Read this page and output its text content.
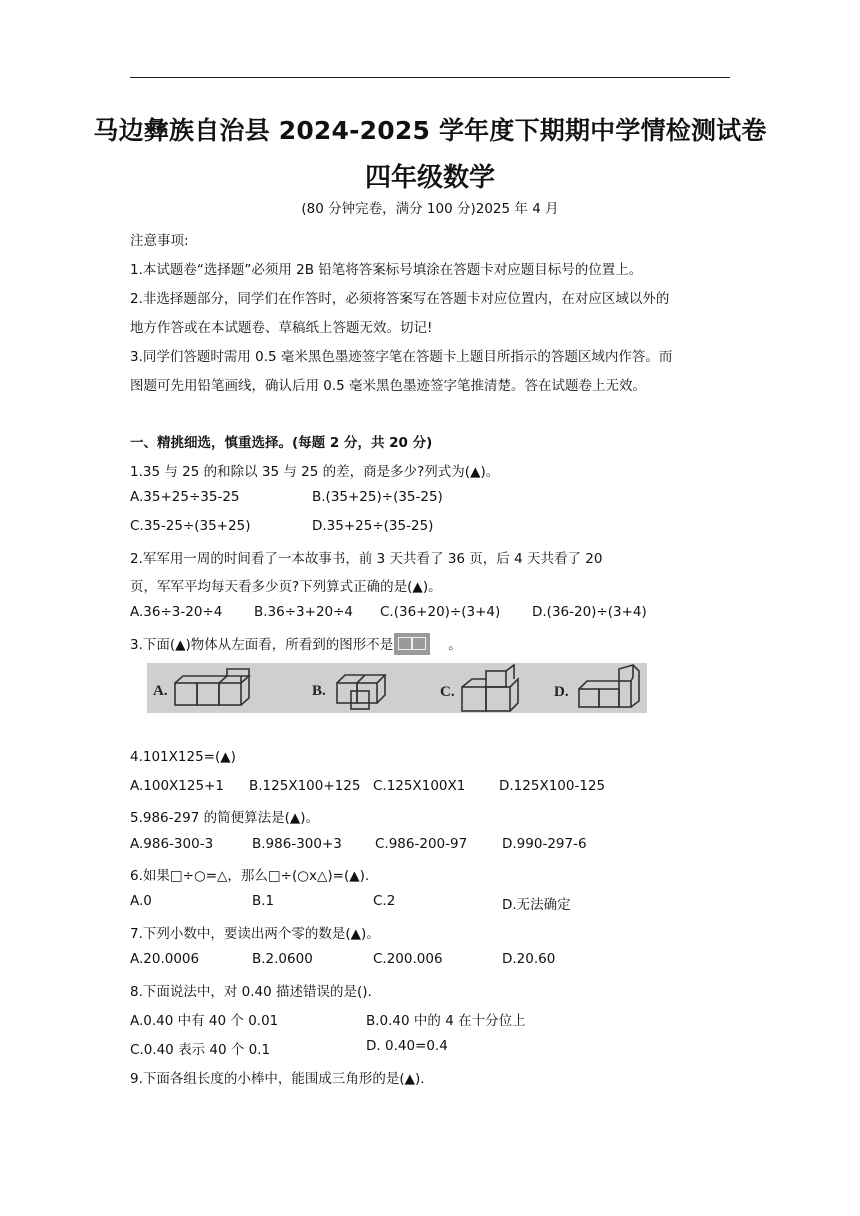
马边彝族自治县 2024-2025 学年度下期期中学情检测试卷
四年级数学
(80 分钟完卷，满分 100 分)2025 年 4 月
注意事项:
1.本试题卷“选择题”必须用 2B 铅笔将答案标号填涂在答题卡对应题目标号的位置上。
2.非选择题部分，同学们在作答时，必须将答案写在答题卡对应位置内，在对应区域以外的
地方作答或在本试题卷、草稿纸上答题无效。切记!
3.同学们答题时需用 0.5 毫米黑色墨迹签字笔在答题卡上题目所指示的答题区域内作答。而
图题可先用铅笔画线，确认后用 0.5 毫米黑色墨迹签字笔推清楚。答在试题卷上无效。
一、精挑细选，慎重选择。(每题 2 分，共 20 分)
1.35 与 25 的和除以 35 与 25 的差，商是多少?列式为(▲)。
A.35+25÷35-25	B.(35+25)÷(35-25)
C.35-25÷(35+25)	D.35+25÷(35-25)
2.军军用一周的时间看了一本故事书，前 3 天共看了 36 页，后 4 天共看了 20
页，军军平均每天看多少页?下列算式正确的是(▲)。
A.36÷3-20÷4 B.36÷3+20÷4 C.(36+20)÷(3+4) D.(36-20)÷(3+4)
3.下面(▲)物体从左面看，所看到的图形不是	。
A.	B.	C.	D.
4.101X125=(▲)
A.100X125+1 B.125X100+125 C.125X100X1 D.125X100-125
5.986-297 的简便算法是(▲)。
A.986-300-3	B.986-300+3 C.986-200-97	D.990-297-6
6.如果□÷○=△，那么□÷(○x△)=(▲).
A.0	B.1	C.2	D.无法确定
7.下列小数中，要读出两个零的数是(▲)。
A.20.0006	B.2.0600	C.200.006	D.20.60
8.下面说法中，对 0.40 描述错误的是().
A.0.40 中有 40 个 0.01	B.0.40 中的 4 在十分位上
C.0.40 表示 40 个 0.1	D. 0.40=0.4
9.下面各组长度的小棒中，能围成三角形的是(▲).
